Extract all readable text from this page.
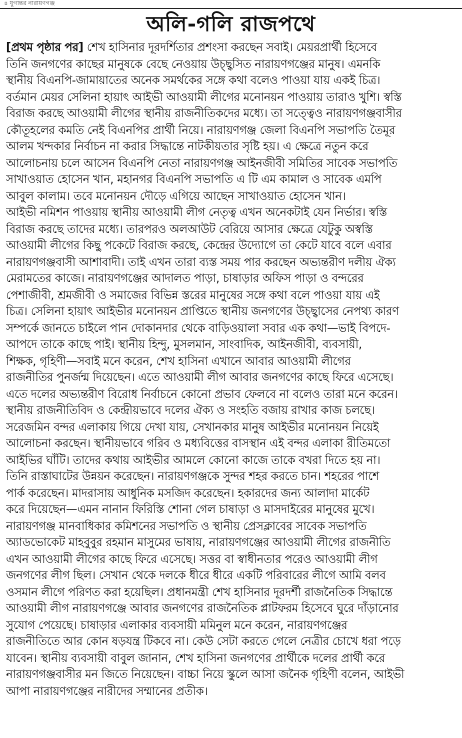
৪ যুগান্তর নারায়ণগঞ্জ
অলি-গলি রাজপথে
[প্রথম পৃষ্ঠার পর] শেখ হাসিনার দূরদর্শিতার প্রশংসা করছেন সবাই। মেয়রপ্রার্থী হিসেবে
তিনি জনগণের কাছের মানুষকে বেছে নেওয়ায় উচ্ছ্বসিত নারায়ণগঞ্জের মানুষ। এমনকি
স্থানীয় বিএনপি-জামায়াতের অনেক সমর্থকের সঙ্গে কথা বলেও পাওয়া যায় একই চিত্র।
বর্তমান মেয়র সেলিনা হায়াৎ আইভী আওয়ামী লীগের মনোনয়ন পাওয়ায় তারাও খুশি। স্বস্তি
বিরাজ করছে আওয়ামী লীগের স্থানীয় রাজনীতিকদের মধ্যে। তা সত্ত্বেও নারায়ণগঞ্জবাসীর
কৌতূহলের কমতি নেই বিএনপির প্রার্থী নিয়ে। নারায়ণগঞ্জ জেলা বিএনপি সভাপতি তৈমূর
আলম খন্দকার নির্বাচন না করার সিদ্ধান্তে নাটকীয়তার সৃষ্টি হয়। এ ক্ষেত্রে নতুন করে
আলোচনায় চলে আসেন বিএনপি নেতা নারায়ণগঞ্জ আইনজীবী সমিতির সাবেক সভাপতি
সাখাওয়াত হোসেন খান, মহানগর বিএনপি সভাপতি এ টি এম কামাল ও সাবেক এমপি
আবুল কালাম। তবে মনোনয়ন দৌড়ে এগিয়ে আছেন সাখাওয়াত হোসেন খান।
আইভী নমিশন পাওয়ায় স্থানীয় আওয়ামী লীগ নেতৃত্ব এখন অনেকটাই যেন নির্ভার। স্বস্তি
বিরাজ করছে তাদের মধ্যে। তারপরও অলআউট বেরিয়ে আসার ক্ষেত্রে যেটুকু অস্বস্তি
আওয়ামী লীগের কিছু পকেটে বিরাজ করছে, কেন্দ্রের উদ্যোগে তা কেটে যাবে বলে এবার
নারায়ণগঞ্জবাসী আশাবাদী। তাই এখন তারা ব্যস্ত সময় পার করছেন অভ্যন্তরীণ দলীয় ঐক্য
মেরামতের কাজে। নারায়ণগঞ্জের আদালত পাড়া, চাষাড়ার অফিস পাড়া ও বন্দরের
পেশাজীবী, শ্রমজীবী ও সমাজের বিভিন্ন স্তরের মানুষের সঙ্গে কথা বলে পাওয়া যায় এই
চিত্র। সেলিনা হায়াৎ আইভীর মনোনয়ন প্রাপ্তিতে স্থানীয় জনগণের উচ্ছ্বাসের নেপথ্য কারণ
সম্পর্কে জানতে চাইলে পান দোকানদার থেকে বাড়িওয়ালা সবার এক কথা—ভাই বিপদে-
আপদে তাকে কাছে পাই। স্থানীয় হিন্দু, মুসলমান, সাংবাদিক, আইনজীবী, ব্যবসায়ী,
শিক্ষক, গৃহিণী—সবাই মনে করেন, শেখ হাসিনা এখানে আবার আওয়ামী লীগের
রাজনীতির পুনর্জন্ম দিয়েছেন। এতে আওয়ামী লীগ আবার জনগণের কাছে ফিরে এসেছে।
এতে দলের অভ্যন্তরীণ বিরোধ নির্বাচনে কোনো প্রভাব ফেলবে না বলেও তারা মনে করেন।
স্থানীয় রাজনীতিবিদ ও কেন্দ্রীয়ভাবে দলের ঐক্য ও সংহতি বজায় রাখার কাজ চলছে।
সরেজমিন বন্দর এলাকায় গিয়ে দেখা যায়, সেখানকার মানুষ আইভীর মনোনয়ন নিয়েই
আলোচনা করছেন। স্থানীয়ভাবে গরিব ও মধ্যবিত্তের বাসস্থান এই বন্দর এলাকা রীতিমতো
আইভির ঘাঁটি। তাদের কথায় আইভীর আমলে কোনো কাজে তাকে বখরা দিতে হয় না।
তিনি রাস্তাঘাটের উন্নয়ন করেছেন। নারায়ণগঞ্জকে সুন্দর শহর করতে চান। শহরের পাশে
পার্ক করেছেন। মাদরাসায় আধুনিক মসজিদ করেছেন। হকারদের জন্য আলাদা মার্কেট
করে দিয়েছেন—এমন নানান ফিরিস্তি শোনা গেল চাষাড়া ও মাসদাইরের মানুষের মুখে।
নারায়ণগঞ্জ মানবাধিকার কমিশনের সভাপতি ও স্থানীয় প্রেসক্লাবের সাবেক সভাপতি
অ্যাডভোকেট মাহবুবুর রহমান মাসুমের ভাষায়, নারায়ণগঞ্জের আওয়ামী লীগের রাজনীতি
এখন আওয়ামী লীগের কাছে ফিরে এসেছে। সত্তর বা স্বাধীনতার পরেও আওয়ামী লীগ
জনগণের লীগ ছিল। সেখান থেকে দলকে ধীরে ধীরে একটি পরিবারের লীগে আমি বলব
ওসমান লীগে পরিণত করা হয়েছিল। প্রধানমন্ত্রী শেখ হাসিনার দূরদর্শী রাজনৈতিক সিদ্ধান্তে
আওয়ামী লীগ নারায়ণগঞ্জে আবার জনগণের রাজনৈতিক প্লাটফরম হিসেবে ঘুরে দাঁড়ানোর
সুযোগ পেয়েছে। চাষাড়ার এলাকার ব্যবসায়ী মমিনুল মনে করেন, নারায়ণগঞ্জের
রাজনীতিতে আর কোন ষড়যন্ত্র টিকবে না। কেউ সেটা করতে গেলে নেত্রীর চোখে ধরা পড়ে
যাবেন। স্থানীয় ব্যবসায়ী বাবুল জানান, শেখ হাসিনা জনগণের প্রার্থীকে দলের প্রার্থী করে
নারায়ণগঞ্জবাসীর মন জিতে নিয়েছেন। বাচ্চা নিয়ে স্কুলে আসা জনৈক গৃহিণী বলেন, আইভী
আপা নারায়ণগঞ্জের নারীদের সম্মানের প্রতীক।
